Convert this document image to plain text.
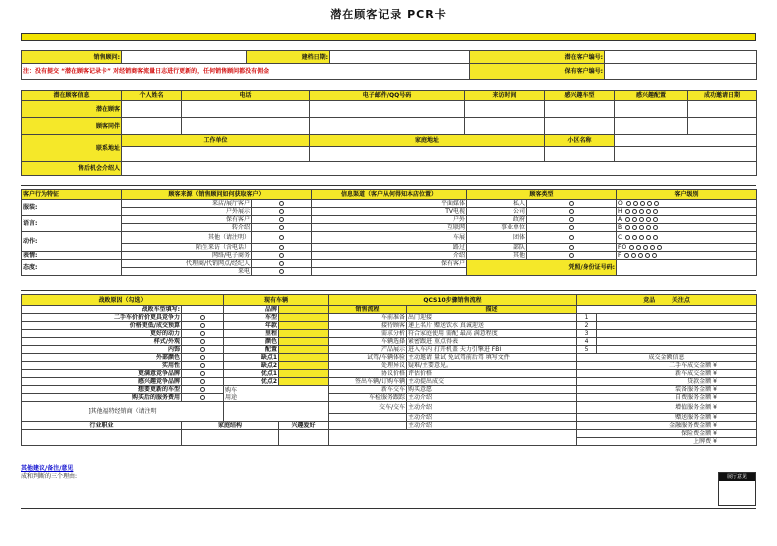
潜在顾客记录 PCR卡
销售顾问:		建档日期:		潜在客户编号:	
注：没有提交 “潜在顾客记录卡” 对经销商客流量日志进行更新的，任何销售顾问都没有佣金				保有客户编号:	
潜在顾客信息	个人姓名	电话	电子邮件/QQ号码	来访时间	感兴趣车型	感兴趣配置	成功邀请日期
潜在顾客							
顾客同伴							
联系地址	工作单位		家庭地址		小区名称		

售后机会介绍人							
客户行为特征	顾客来源（销售顾问如何获取客户）		信息渠道（客户从何得知本店位置）	顾客类型		客户级别
服装:	来店/展厅客户		平面媒体	私人		O
	户外展示		TV电视	公司		H
语言:	保有客户		户外	政府		A
	转介绍		互联网	事业单位		B
动作:	其他（请注明）		车展	团体		C
	陌生来访（含电话）		路过	部队		FO
表情:	网络/电子商务		介绍	其他		F
态度:	代理商/代销网点/经纪人		保有客户	凭照/身份证号码:		
	来电					
战败原因（勾选）		现有车辆		QCS10步骤销售流程		竞品 关注点	
战败车型填写:		品牌		销售流程		描述		
二手车价折价更具竞争力		车型		车前准备		出门迎接	1	
价格更低/成交预算		年款		接待顾客		递上名片 赠送饮水 真诚迎送	2	
更好的动力		里程		需求分析		符合家庭使用 需配 最高 满意程度	3	
样式/外观		颜色		车辆选择		紧密跟进 重点得表	4	
内饰		配置		产品展示		进入车内 打开机盖 天力引擎进 FBI	5	
外部颜色		缺点1		试驾/车辆体验		主动邀请 量试 免试驾前后驾 填写文件	成交金额信息	
实用性		缺点2		处理异议		疑难/主要意见。	二手车成交金额 ¥	
更满意竞争品牌		优点1		协议价格		评估价格	新车成交金额 ¥	
感兴趣竞争品牌		优点2		签出车辆/订购车辆		主动提出成交	贷款金额 ¥	
想要更新的车型		购车
用途		新车交车		购买意愿	装备服务金额 ¥	
购买后的服务费用				车检服务跟踪		主动介绍	自费服务金额 ¥	
]其他福特经销商（请注明				交车/交车		主动介绍	增值服务金额 ¥	
					主动介绍	赠送服务金额 ¥	
行业职业	家庭结构		兴趣爱好			主动介绍	金融服务费金额 ¥	
						保险费金额 ¥	
						上牌费 ¥	
其他建议/备注/意见
成和判断的三个理由:	展厅意见
